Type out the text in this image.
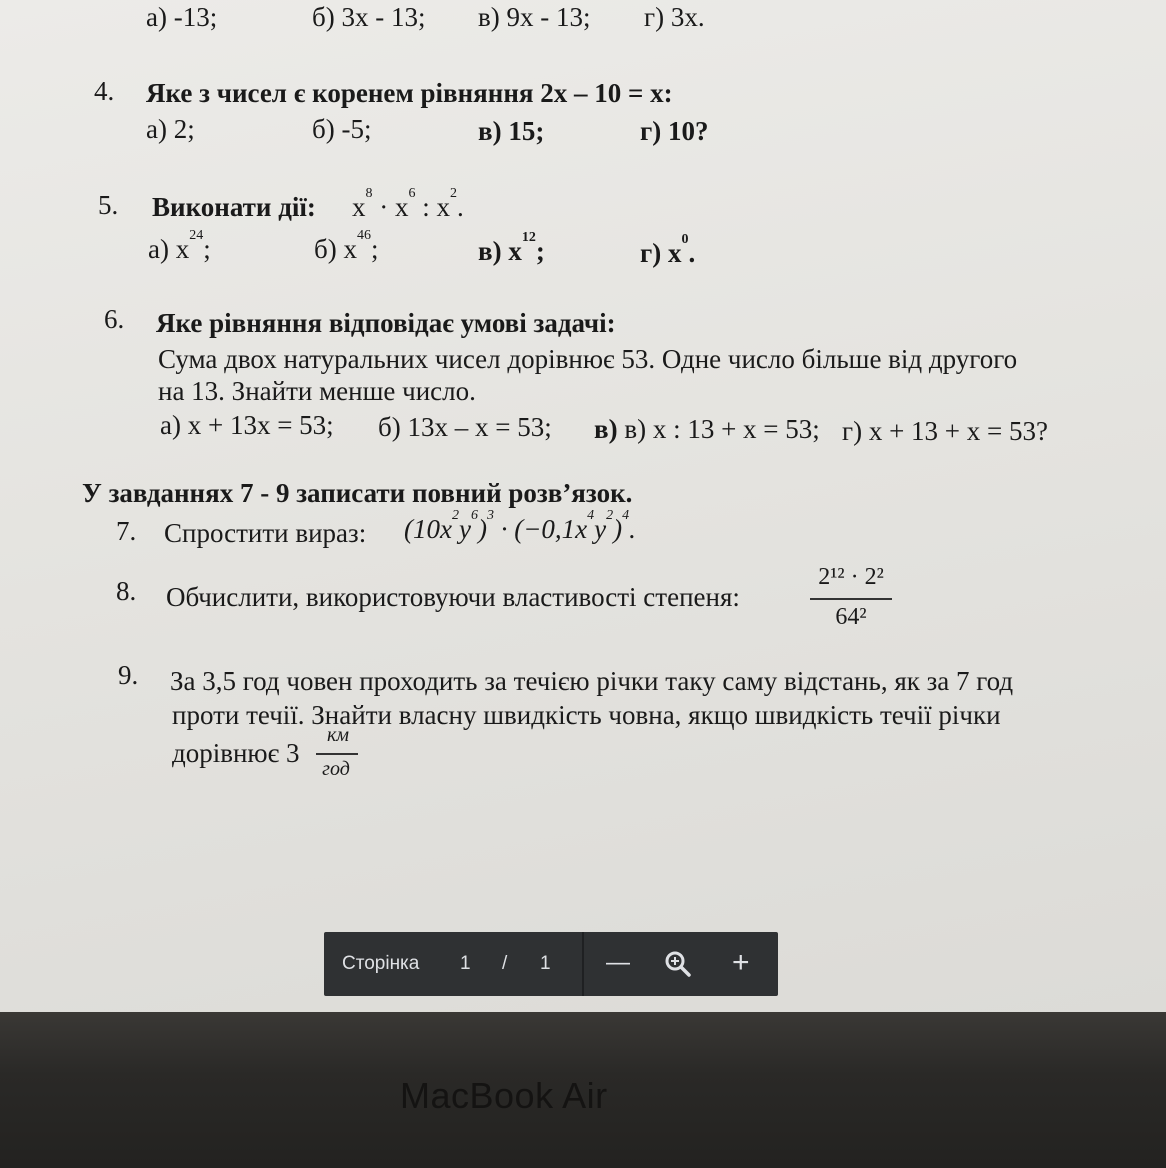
а) -13;	б) 3x - 13; в) 9x - 13; г) 3x.
4. Яке з чисел є коренем рівняння 2x – 10 = x:
а) 2;	б) -5;	в) 15;	г) 10?
5. Виконати дії: $x^8 \cdot x^6$ : $x^2$.
а) $x^{24}$;	б) $x^{46}$;	в) $x^{12}$;	г) $x^0$.
6. Яке рівняння відповідає умові задачі:
Сума двох натуральних чисел дорівнює 53. Одне число більше від другого
на 13. Знайти менше число.
а) x + 13x = 53; б) 13x – x = 53; в) в) x : 13 + x = 53; г) x + 13 + x = 53?
У завданнях 7 - 9 записати повний розв’язок.
7. Спростити вираз: $(10x^2y^6)^3 \cdot (-0,1x^4y^2)^4$.
8. Обчислити, використовуючи властивості степеня:
2¹² · 2²
64²
9. За 3,5 год човен проходить за течією річки таку саму відстань, як за 7 год
проти течії. Знайти власну швидкість човна, якщо швидкість течії річки
дорівнює 3
км
год
Сторінка 1 / 1 —	+
MacBook Air
